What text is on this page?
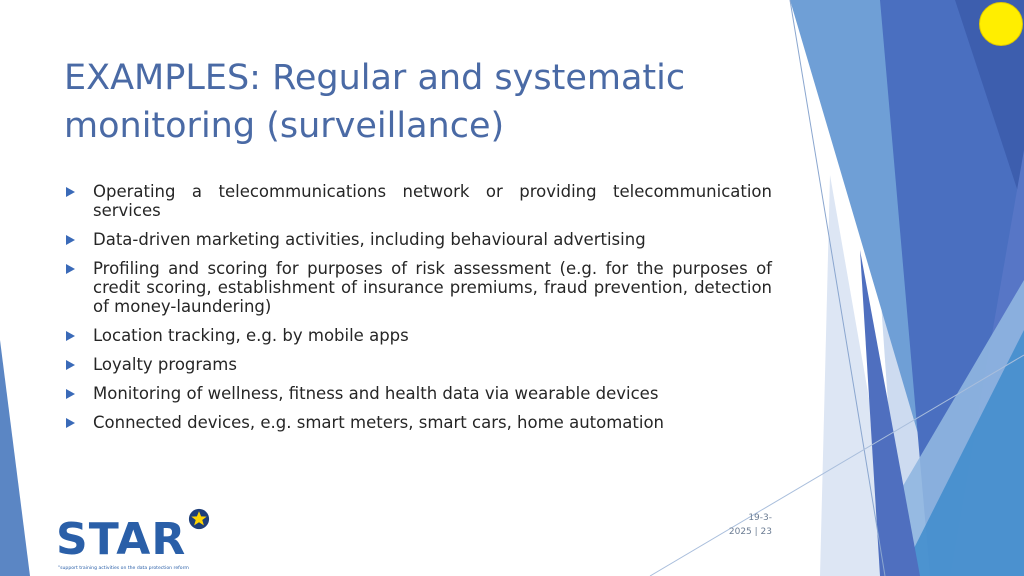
EXAMPLES: Regular and systematic
monitoring (surveillance)
Operating a telecommunications network or providing telecommunication services
Data-driven marketing activities, including behavioural advertising
Profiling and scoring for purposes of risk assessment (e.g. for the purposes of credit scoring, establishment of insurance premiums, fraud prevention, detection of money-laundering)
Location tracking, e.g. by mobile apps
Loyalty programs
Monitoring of wellness, fitness and health data via wearable devices
Connected devices, e.g. smart meters, smart cars, home automation
19-3-
2025 | 23
STAR
"support training activities on the data protection reform
